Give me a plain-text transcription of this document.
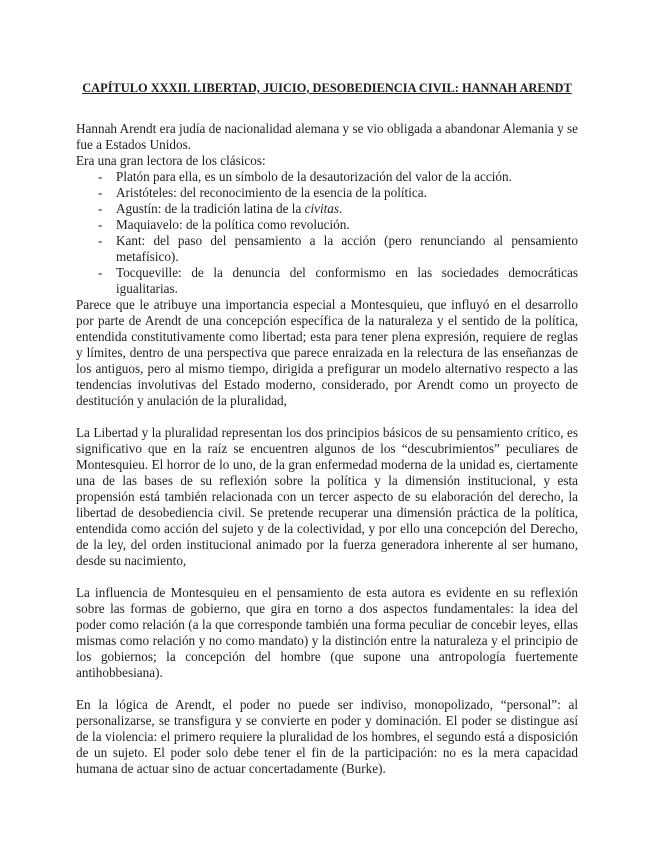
CAPÍTULO XXXII. LIBERTAD, JUICIO, DESOBEDIENCIA CIVIL: HANNAH ARENDT

Hannah Arendt era judía de nacionalidad alemana y se vio obligada a abandonar Alemania y se fue a Estados Unidos.

Era una gran lectora de los clásicos:

- Platón para ella, es un símbolo de la desautorización del valor de la acción.
- Aristóteles: del reconocimiento de la esencia de la política.
- Agustín: de la tradición latina de la civitas.
- Maquiavelo: de la política como revolución.
- Kant: del paso del pensamiento a la acción (pero renunciando al pensamiento metafísico).
- Tocqueville: de la denuncia del conformismo en las sociedades democráticas igualitarias.

Parece que le atribuye una importancia especial a Montesquieu, que influyó en el desarrollo por parte de Arendt de una concepción específica de la naturaleza y el sentido de la política, entendida constitutivamente como libertad; esta para tener plena expresión, requiere de reglas y límites, dentro de una perspectiva que parece enraizada en la relectura de las enseñanzas de los antiguos, pero al mismo tiempo, dirigida a prefigurar un modelo alternativo respecto a las tendencias involutivas del Estado moderno, considerado, por Arendt como un proyecto de destitución y anulación de la pluralidad,

La Libertad y la pluralidad representan los dos principios básicos de su pensamiento crítico, es significativo que en la raíz se encuentren algunos de los “descubrimientos” peculiares de Montesquieu. El horror de lo uno, de la gran enfermedad moderna de la unidad es, ciertamente una de las bases de su reflexión sobre la política y la dimensión institucional, y esta propensión está también relacionada con un tercer aspecto de su elaboración del derecho, la libertad de desobediencia civil. Se pretende recuperar una dimensión práctica de la política, entendida como acción del sujeto y de la colectividad, y por ello una concepción del Derecho, de la ley, del orden institucional animado por la fuerza generadora inherente al ser humano, desde su nacimiento,

La influencia de Montesquieu en el pensamiento de esta autora es evidente en su reflexión sobre las formas de gobierno, que gira en torno a dos aspectos fundamentales: la idea del poder como relación (a la que corresponde también una forma peculiar de concebir leyes, ellas mismas como relación y no como mandato) y la distinción entre la naturaleza y el principio de los gobiernos; la concepción del hombre (que supone una antropología fuertemente antihobbesiana).

En la lógica de Arendt, el poder no puede ser indiviso, monopolizado, “personal”: al personalizarse, se transfigura y se convierte en poder y dominación. El poder se distingue así de la violencia: el primero requiere la pluralidad de los hombres, el segundo está a disposición de un sujeto. El poder solo debe tener el fin de la participación: no es la mera capacidad humana de actuar sino de actuar concertadamente (Burke).
